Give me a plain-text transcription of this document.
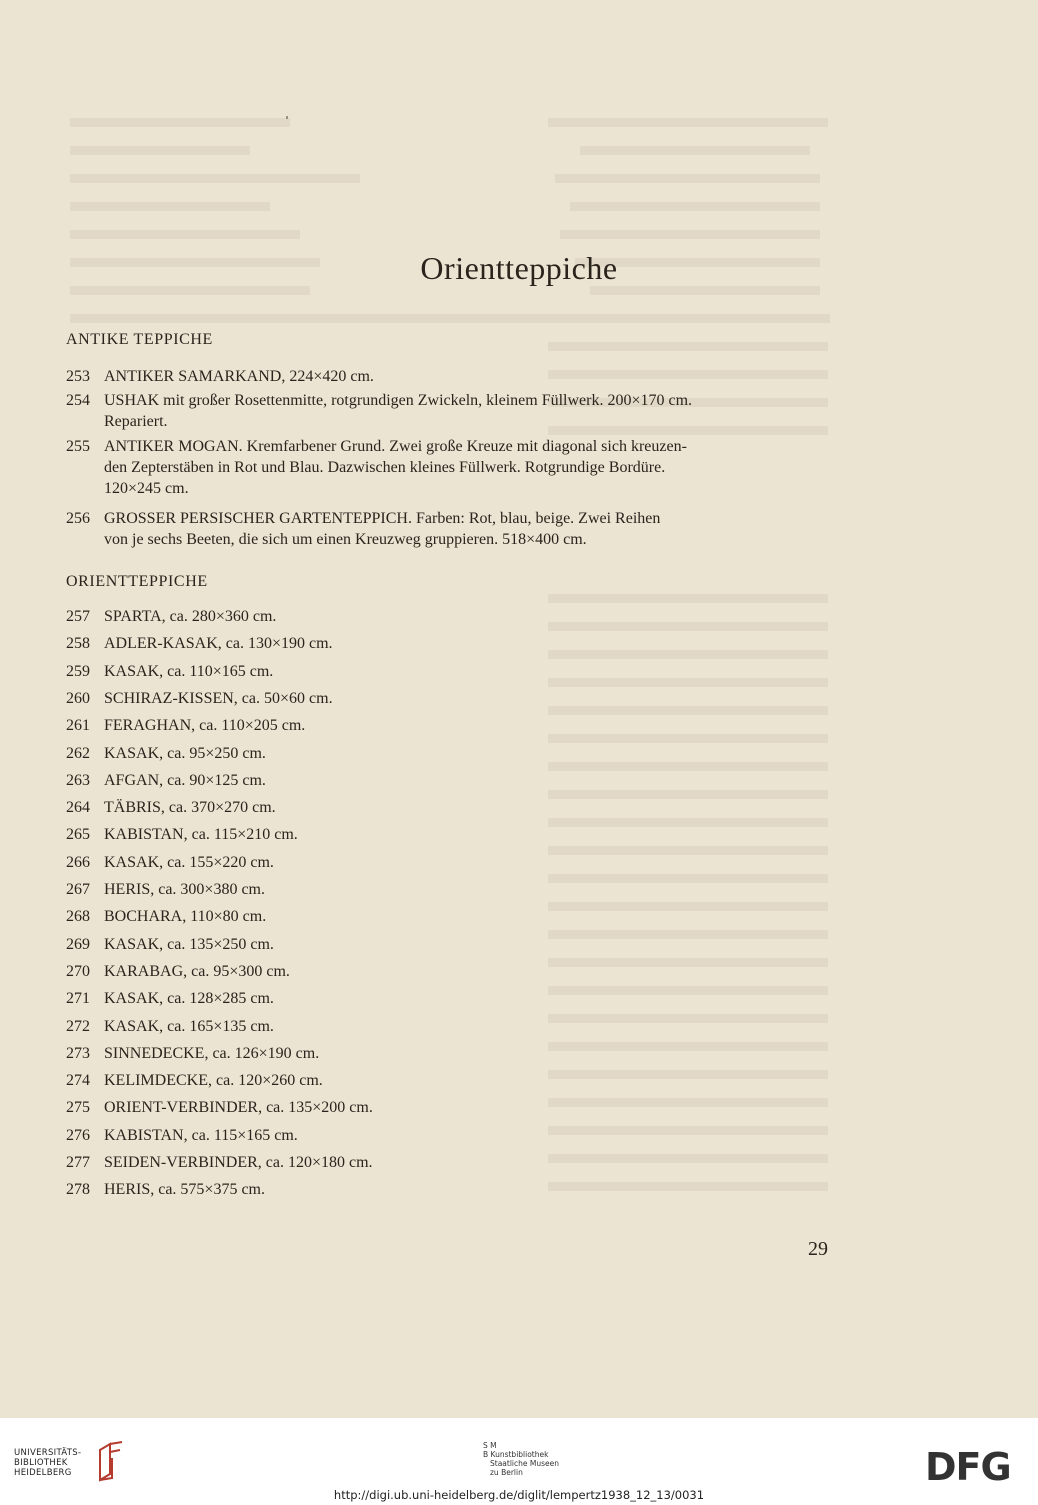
Orientteppiche
ANTIKE TEPPICHE
253 ANTIKER SAMARKAND, 224×420 cm.
254 USHAK mit großer Rosettenmitte, rotgrundigen Zwickeln, kleinem Füllwerk. 200×170 cm.
Repariert.
255 ANTIKER MOGAN. Kremfarbener Grund. Zwei große Kreuze mit diagonal sich kreuzen-
den Zepterstäben in Rot und Blau. Dazwischen kleines Füllwerk. Rotgrundige Bordüre.
120×245 cm.
256 GROSSER PERSISCHER GARTENTEPPICH. Farben: Rot, blau, beige. Zwei Reihen
von je sechs Beeten, die sich um einen Kreuzweg gruppieren. 518×400 cm.
ORIENTTEPPICHE
257 SPARTA, ca. 280×360 cm.
258 ADLER-KASAK, ca. 130×190 cm.
259 KASAK, ca. 110×165 cm.
260 SCHIRAZ-KISSEN, ca. 50×60 cm.
261 FERAGHAN, ca. 110×205 cm.
262 KASAK, ca. 95×250 cm.
263 AFGAN, ca. 90×125 cm.
264 TÄBRIS, ca. 370×270 cm.
265 KABISTAN, ca. 115×210 cm.
266 KASAK, ca. 155×220 cm.
267 HERIS, ca. 300×380 cm.
268 BOCHARA, 110×80 cm.
269 KASAK, ca. 135×250 cm.
270 KARABAG, ca. 95×300 cm.
271 KASAK, ca. 128×285 cm.
272 KASAK, ca. 165×135 cm.
273 SINNEDECKE, ca. 126×190 cm.
274 KELIMDECKE, ca. 120×260 cm.
275 ORIENT-VERBINDER, ca. 135×200 cm.
276 KABISTAN, ca. 115×165 cm.
277 SEIDEN-VERBINDER, ca. 120×180 cm.
278 HERIS, ca. 575×375 cm.
29
UNIVERSITÄTS-
BIBLIOTHEK
HEIDELBERG
S M
B Kunstbibliothek
Staatliche Museen
zu Berlin	DFG
http://digi.ub.uni-heidelberg.de/diglit/lempertz1938_12_13/0031
